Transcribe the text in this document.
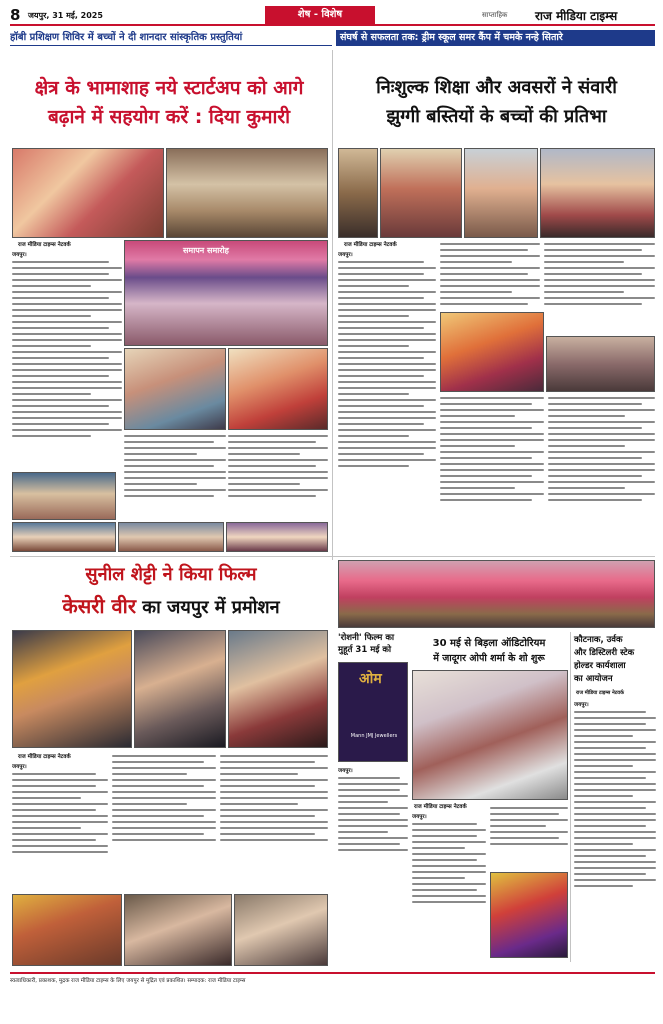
8 जयपुर, 31 मई, 2025	शेष - विशेष	साप्ताहिक राज मीडिया टाइम्स
हॉबी प्रशिक्षण शिविर में बच्चों ने दी शानदार सांस्कृतिक प्रस्तुतियां	संघर्ष से सफलता तक: ड्रीम स्कूल समर कैंप में चमके नन्हे सितारे
क्षेत्र के भामाशाह नये स्टार्टअप को आगे
बढ़ाने में सहयोग करें : दिया कुमारी
निःशुल्क शिक्षा और अवसरों ने संवारी
झुग्गी बस्तियों के बच्चों की प्रतिभा
राज मीडिया टाइम्स नेटवर्क
जयपुर।	समापन समारोह
राज मीडिया टाइम्स नेटवर्क
जयपुर।
सुनील शेट्टी ने किया फिल्म
केसरी वीर का जयपुर में प्रमोशन
राज मीडिया टाइम्स नेटवर्क
जयपुर।
'रोशनी' फिल्म का मुहूर्त 31 मई को
ओम
Mann JMJ Jewellers
जयपुर।
30 मई से बिड़ला ऑडिटोरियम
में जादूगर ओपी शर्मा के शो शुरू
राज मीडिया टाइम्स नेटवर्क
जयपुर।
कौटनाक, उर्वक
और डिस्टिलरी स्टेक
होल्डर कार्यशाला
का आयोजन
राज मीडिया टाइम्स नेटवर्क
जयपुर।
स्वत्वाधिकारी, प्रकाशक, मुद्रक राज मीडिया टाइम्स के लिए जयपुर से मुद्रित एवं प्रकाशित। सम्पादक: राज मीडिया टाइम्स
